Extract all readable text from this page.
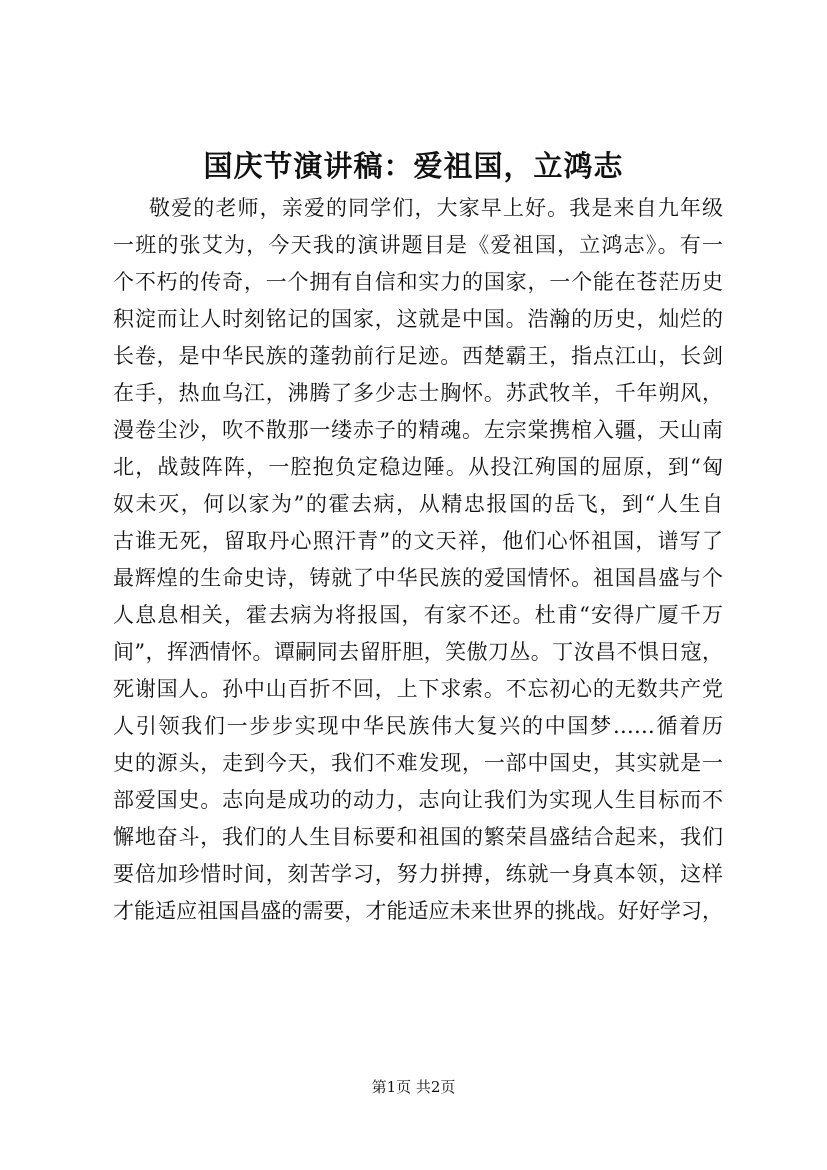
国庆节演讲稿：爱祖国，立鸿志
敬爱的老师，亲爱的同学们，大家早上好。我是来自九年级
一班的张艾为，今天我的演讲题目是《爱祖国，立鸿志》。有一
个不朽的传奇，一个拥有自信和实力的国家，一个能在苍茫历史
积淀而让人时刻铭记的国家，这就是中国。浩瀚的历史，灿烂的
长卷，是中华民族的蓬勃前行足迹。西楚霸王，指点江山，长剑
在手，热血乌江，沸腾了多少志士胸怀。苏武牧羊，千年朔风，
漫卷尘沙，吹不散那一缕赤子的精魂。左宗棠携棺入疆，天山南
北，战鼓阵阵，一腔抱负定稳边陲。从投江殉国的屈原，到“匈
奴未灭，何以家为”的霍去病，从精忠报国的岳飞，到“人生自
古谁无死，留取丹心照汗青”的文天祥，他们心怀祖国，谱写了
最辉煌的生命史诗，铸就了中华民族的爱国情怀。祖国昌盛与个
人息息相关，霍去病为将报国，有家不还。杜甫“安得广厦千万
间”，挥洒情怀。谭嗣同去留肝胆，笑傲刀丛。丁汝昌不惧日寇，
死谢国人。孙中山百折不回，上下求索。不忘初心的无数共产党
人引领我们一步步实现中华民族伟大复兴的中国梦……循着历
史的源头，走到今天，我们不难发现，一部中国史，其实就是一
部爱国史。志向是成功的动力，志向让我们为实现人生目标而不
懈地奋斗，我们的人生目标要和祖国的繁荣昌盛结合起来，我们
要倍加珍惜时间，刻苦学习，努力拼搏，练就一身真本领，这样
才能适应祖国昌盛的需要，才能适应未来世界的挑战。好好学习，
第1页 共2页
